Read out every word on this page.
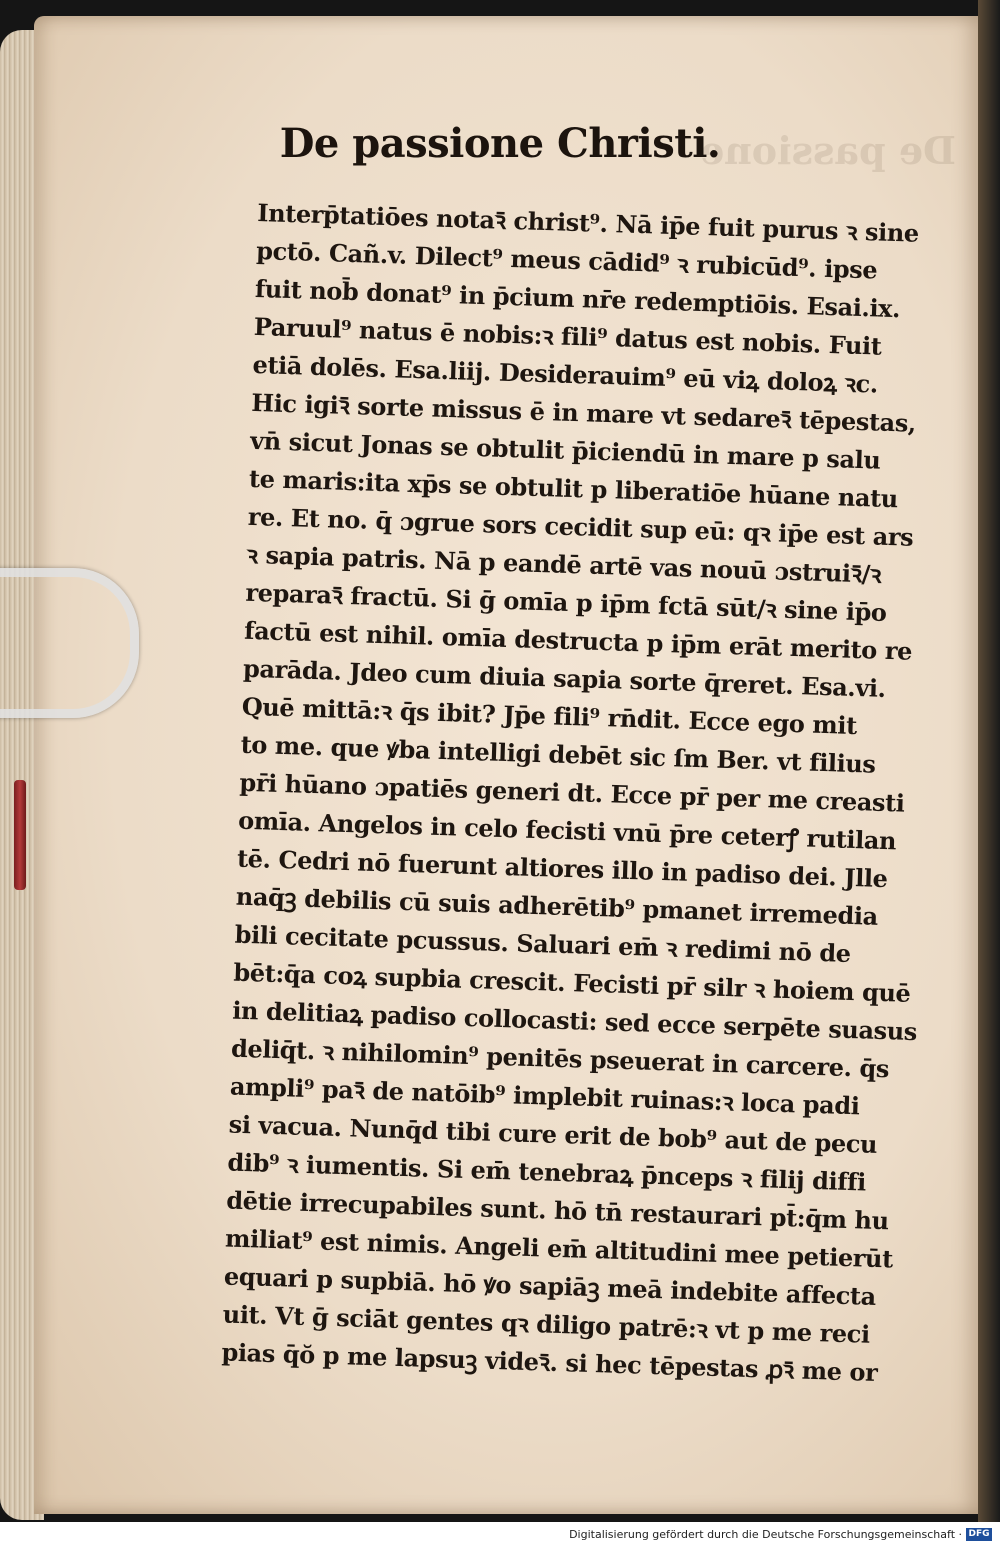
De passione
De passione Christi.
Interp̄tatiōes notaꝛ̄ christ⁹. Nā ip̄e fuit purus ꝛ sine
pctō. Cañ.v. Dilect⁹ meus cādid⁹ ꝛ rubicūd⁹. ipse
fuit nob̄ donat⁹ in p̄cium nr̄e redemptiōis. Esai.ix.
Paruul⁹ natus ē nobis:ꝛ fili⁹ datus est nobis. Fuit
etiā dolēs. Esa.liij. Desiderauim⁹ eū viꝝ doloꝝ ꝛc.
Hic igiꝛ̄ sorte missus ē in mare vt sedareꝛ̄ tēpestas,
vn̄ sicut Jonas se obtulit p̄iciendū in mare p salu
te maris:ita xp̄s se obtulit p liberatiōe hūane natu
re. Et no. q̄ ɔgrue sors cecidit sup eū: qꝛ ip̄e est ars
ꝛ sapia patris. Nā p eandē artē vas nouū ɔstruiꝛ̄/ꝛ
reparaꝛ̄ fractū. Si ḡ omīa p ip̄m fctā sūt/ꝛ sine ip̄o
factū est nihil. omīa destructa p ip̄m erāt merito re
parāda. Jdeo cum diuia sapia sorte q̄reret. Esa.vi.
Quē mittā:ꝛ q̄s ibit? Jp̄e fili⁹ rn̄dit. Ecce ego mit
to me. que ꝟba intelligi debēt sic ſm Ber. vt filius
pr̄i hūano ɔpatiēs generi dt. Ecce pr̄ per me creasti
omīa. Angelos in celo fecisti vnū p̄re ceterꝭ rutilan
tē. Cedri nō fuerunt altiores illo in padiso dei. Jlle
naq̄ꝫ debilis cū suis adherētib⁹ pmanet irremedia
bili cecitate pcussus. Saluari em̄ ꝛ redimi nō de
bēt:q̄a coꝝ supbia crescit. Fecisti pr̄ silr ꝛ hoiem quē
in delitiaꝝ padiso collocasti: sed ecce serpēte suasus
deliq̄t. ꝛ nihilomin⁹ penitēs pseuerat in carcere. q̄s
ampli⁹ paꝛ̄ de natōib⁹ implebit ruinas:ꝛ loca padi
si vacua. Nunq̄d tibi cure erit de bob⁹ aut de pecu
dib⁹ ꝛ iumentis. Si em̄ tenebraꝝ p̄nceps ꝛ filij diffi
dētie irrecupabiles sunt. hō tn̄ restaurari pt̄:q̄m hu
miliat⁹ est nimis. Angeli em̄ altitudini mee petierūt
equari p supbiā. hō ꝟo sapiāꝫ meā indebite affecta
uit. Vt ḡ sciāt gentes qꝛ diligo patrē:ꝛ vt p me reci
pias q̄ŏ p me lapsuꝫ videꝛ̄. si hec tēpestas ꝓꝛ̄ me or
Digitalisierung gefördert durch die Deutsche Forschungsgemeinschaft · DFG
